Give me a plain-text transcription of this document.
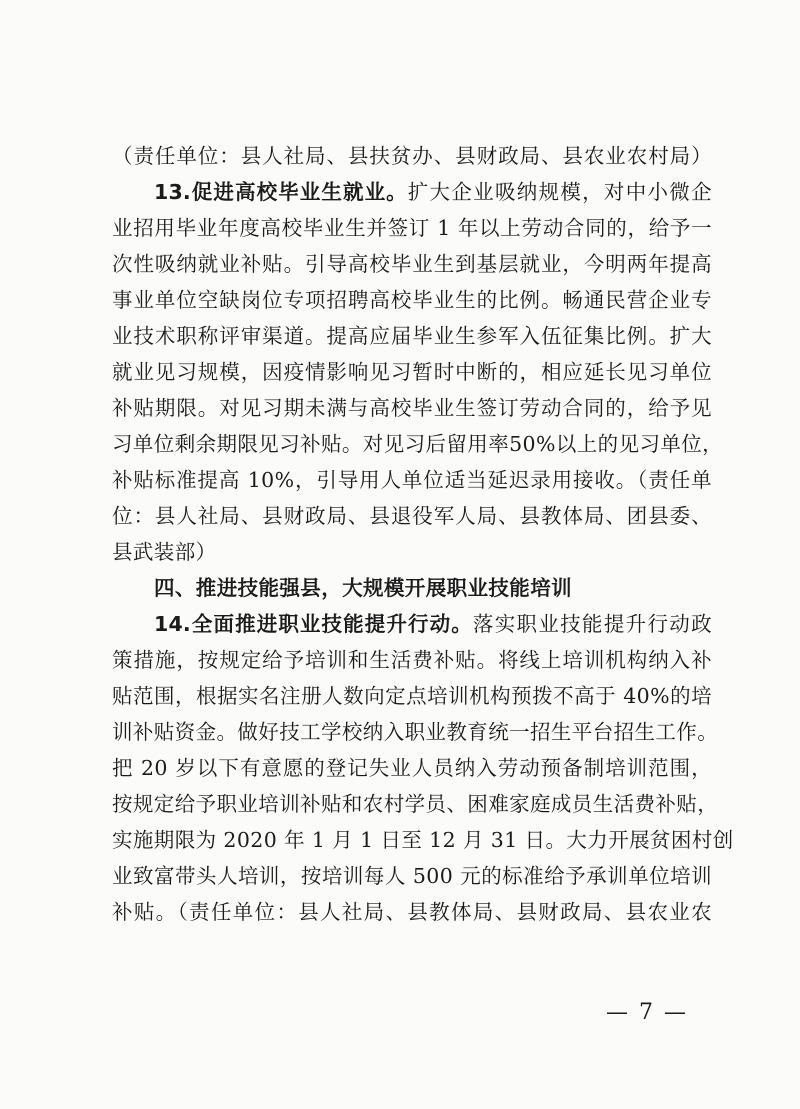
（责任单位：县人社局、县扶贫办、县财政局、县农业农村局）
13.促进高校毕业生就业。扩大企业吸纳规模，对中小微企
业招用毕业年度高校毕业生并签订 1 年以上劳动合同的，给予一
次性吸纳就业补贴。引导高校毕业生到基层就业，今明两年提高
事业单位空缺岗位专项招聘高校毕业生的比例。畅通民营企业专
业技术职称评审渠道。提高应届毕业生参军入伍征集比例。扩大
就业见习规模，因疫情影响见习暂时中断的，相应延长见习单位
补贴期限。对见习期未满与高校毕业生签订劳动合同的，给予见
习单位剩余期限见习补贴。对见习后留用率50%以上的见习单位，
补贴标准提高 10%，引导用人单位适当延迟录用接收。（责任单
位：县人社局、县财政局、县退役军人局、县教体局、团县委、
县武装部）
四、推进技能强县，大规模开展职业技能培训
14.全面推进职业技能提升行动。落实职业技能提升行动政
策措施，按规定给予培训和生活费补贴。将线上培训机构纳入补
贴范围，根据实名注册人数向定点培训机构预拨不高于 40%的培
训补贴资金。做好技工学校纳入职业教育统一招生平台招生工作。
把 20 岁以下有意愿的登记失业人员纳入劳动预备制培训范围，
按规定给予职业培训补贴和农村学员、困难家庭成员生活费补贴，
实施期限为 2020 年 1 月 1 日至 12 月 31 日。大力开展贫困村创
业致富带头人培训，按培训每人 500 元的标准给予承训单位培训
补贴。（责任单位：县人社局、县教体局、县财政局、县农业农
— 7 —
